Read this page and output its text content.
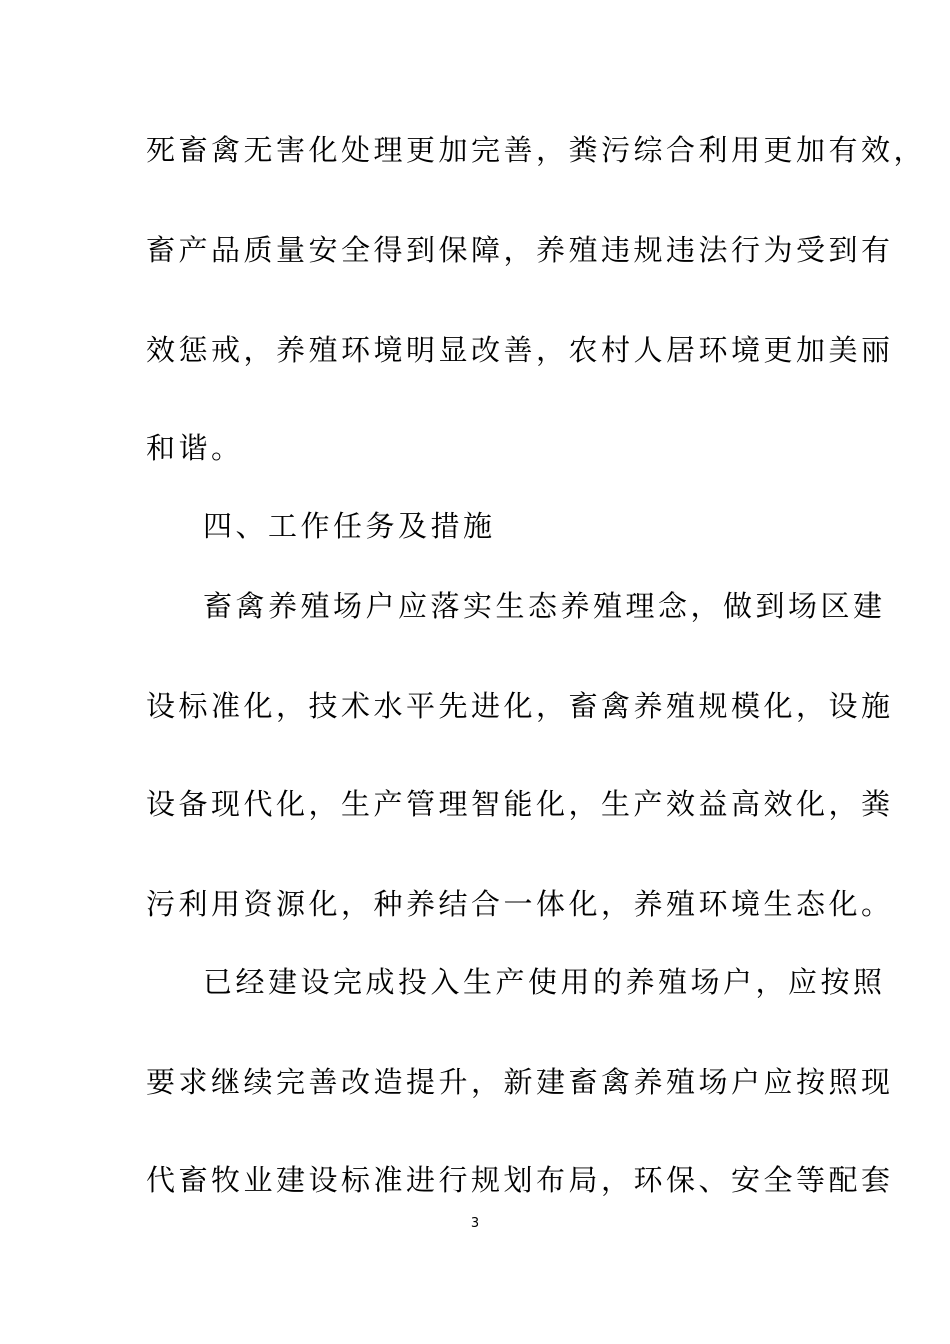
死畜禽无害化处理更加完善，粪污综合利用更加有效，
畜产品质量安全得到保障，养殖违规违法行为受到有
效惩戒，养殖环境明显改善，农村人居环境更加美丽
和谐。
四、工作任务及措施
畜禽养殖场户应落实生态养殖理念，做到场区建
设标准化，技术水平先进化，畜禽养殖规模化，设施
设备现代化，生产管理智能化，生产效益高效化，粪
污利用资源化，种养结合一体化，养殖环境生态化。
已经建设完成投入生产使用的养殖场户，应按照
要求继续完善改造提升，新建畜禽养殖场户应按照现
代畜牧业建设标准进行规划布局，环保、安全等配套
3
